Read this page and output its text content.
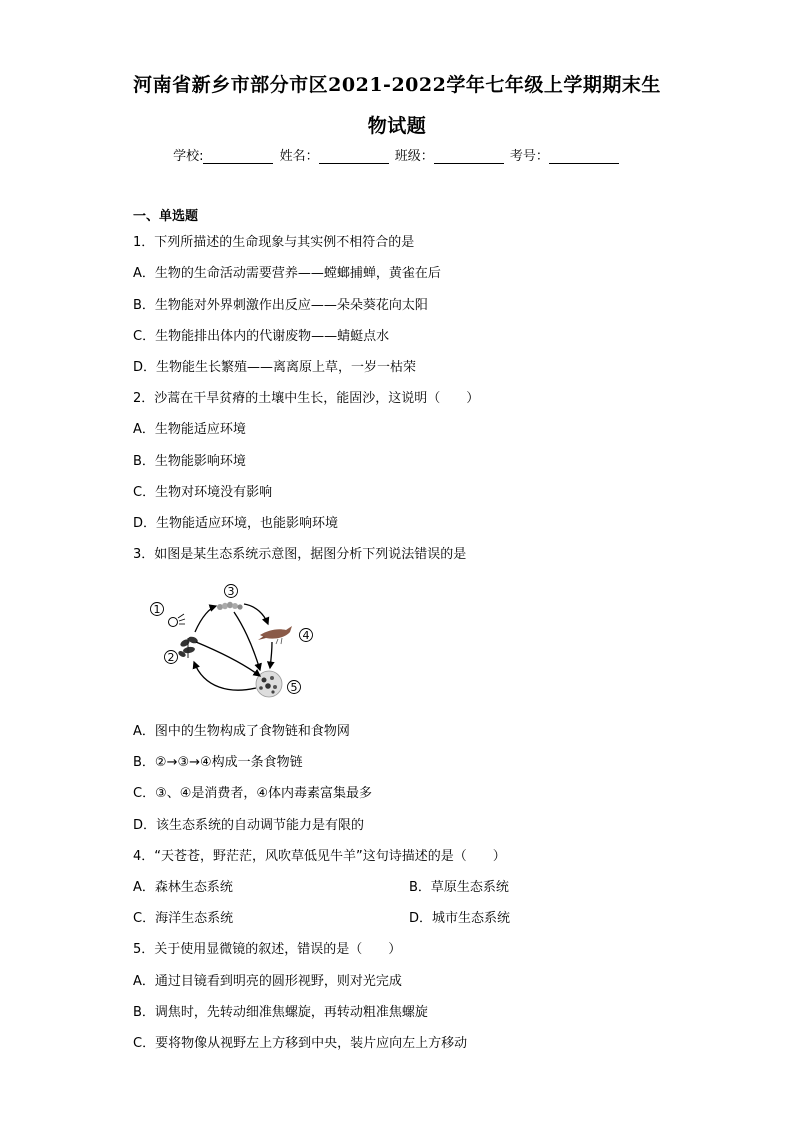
河南省新乡市部分市区2021-2022学年七年级上学期期末生
物试题
学校:	姓名：	班级：	考号：
一、单选题
1．下列所描述的生命现象与其实例不相符合的是
A．生物的生命活动需要营养——螳螂捕蝉，黄雀在后
B．生物能对外界刺激作出反应——朵朵葵花向太阳
C．生物能排出体内的代谢废物——蜻蜓点水
D．生物能生长繁殖——离离原上草，一岁一枯荣
2．沙蒿在干旱贫瘠的土壤中生长，能固沙，这说明（　　）
A．生物能适应环境
B．生物能影响环境
C．生物对环境没有影响
D．生物能适应环境，也能影响环境
3．如图是某生态系统示意图，据图分析下列说法错误的是
1
2
3
4
5
A．图中的生物构成了食物链和食物网
B．②→③→④构成一条食物链
C．③、④是消费者，④体内毒素富集最多
D．该生态系统的自动调节能力是有限的
4．“天苍苍，野茫茫，风吹草低见牛羊”这句诗描述的是（　　）
A．森林生态系统	B．草原生态系统
C．海洋生态系统	D．城市生态系统
5．关于使用显微镜的叙述，错误的是（　　）
A．通过目镜看到明亮的圆形视野，则对光完成
B．调焦时，先转动细准焦螺旋，再转动粗准焦螺旋
C．要将物像从视野左上方移到中央，装片应向左上方移动
